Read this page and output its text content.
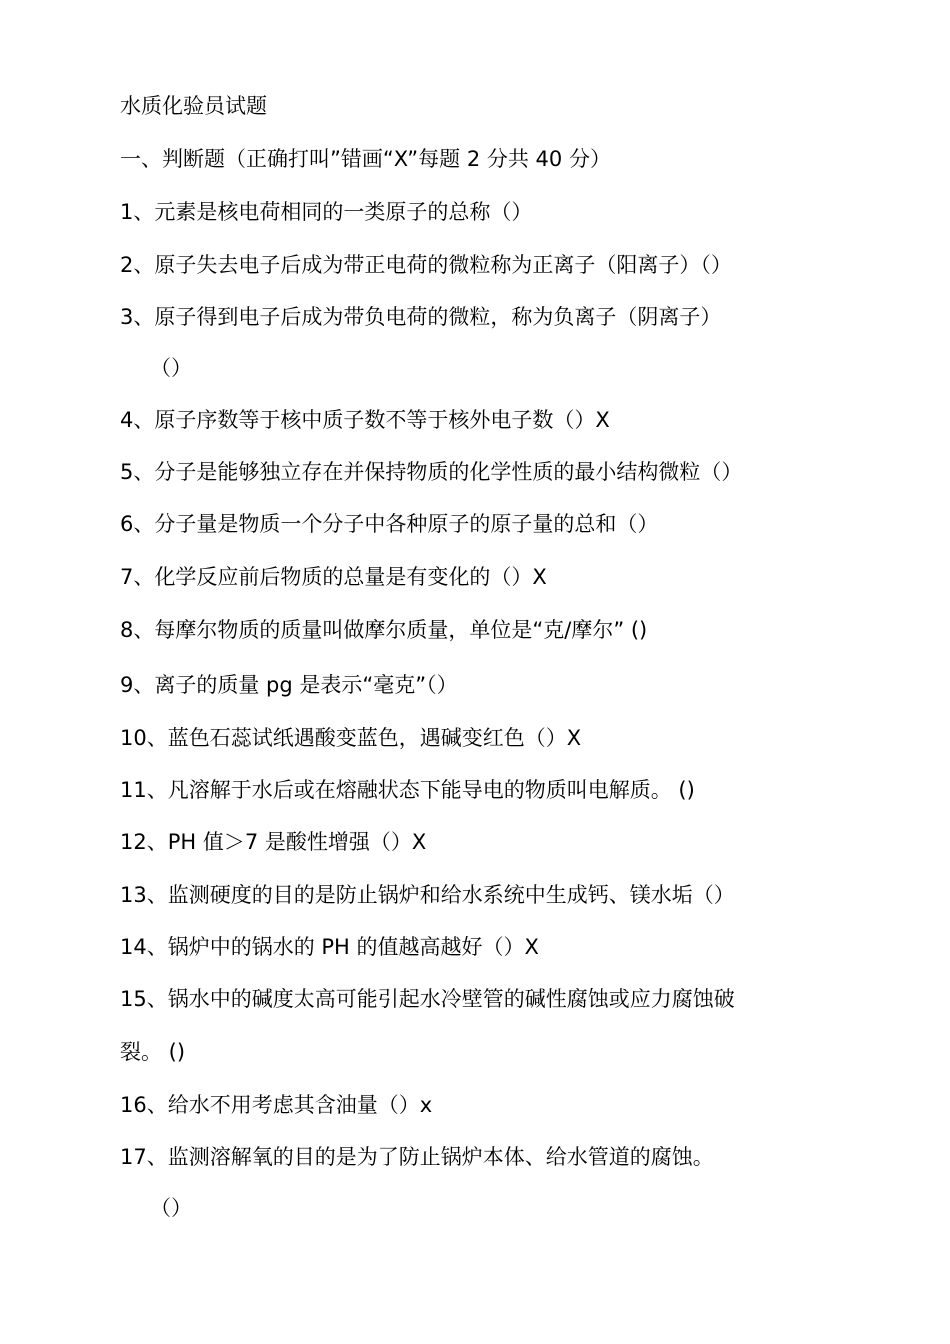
水质化验员试题
一、判断题（正确打叫”错画“X”每题 2 分共 40 分）
1、元素是核电荷相同的一类原子的总称（）
2、原子失去电子后成为带正电荷的微粒称为正离子（阳离子）（）
3、原子得到电子后成为带负电荷的微粒，称为负离子（阴离子）
（）
4、原子序数等于核中质子数不等于核外电子数（）X
5、分子是能够独立存在并保持物质的化学性质的最小结构微粒（）
6、分子量是物质一个分子中各种原子的原子量的总和（）
7、化学反应前后物质的总量是有变化的（）X
8、每摩尔物质的质量叫做摩尔质量，单位是“克/摩尔” ()
9、离子的质量 pg 是表示“毫克”（）
10、蓝色石蕊试纸遇酸变蓝色，遇碱变红色（）X
11、凡溶解于水后或在熔融状态下能导电的物质叫电解质。 ()
12、PH 值＞7 是酸性增强（）X
13、监测硬度的目的是防止锅炉和给水系统中生成钙、镁水垢（）
14、锅炉中的锅水的 PH 的值越高越好（）X
15、锅水中的碱度太高可能引起水冷壁管的碱性腐蚀或应力腐蚀破
裂。 ()
16、给水不用考虑其含油量（）x
17、监测溶解氧的目的是为了防止锅炉本体、给水管道的腐蚀。
（）
